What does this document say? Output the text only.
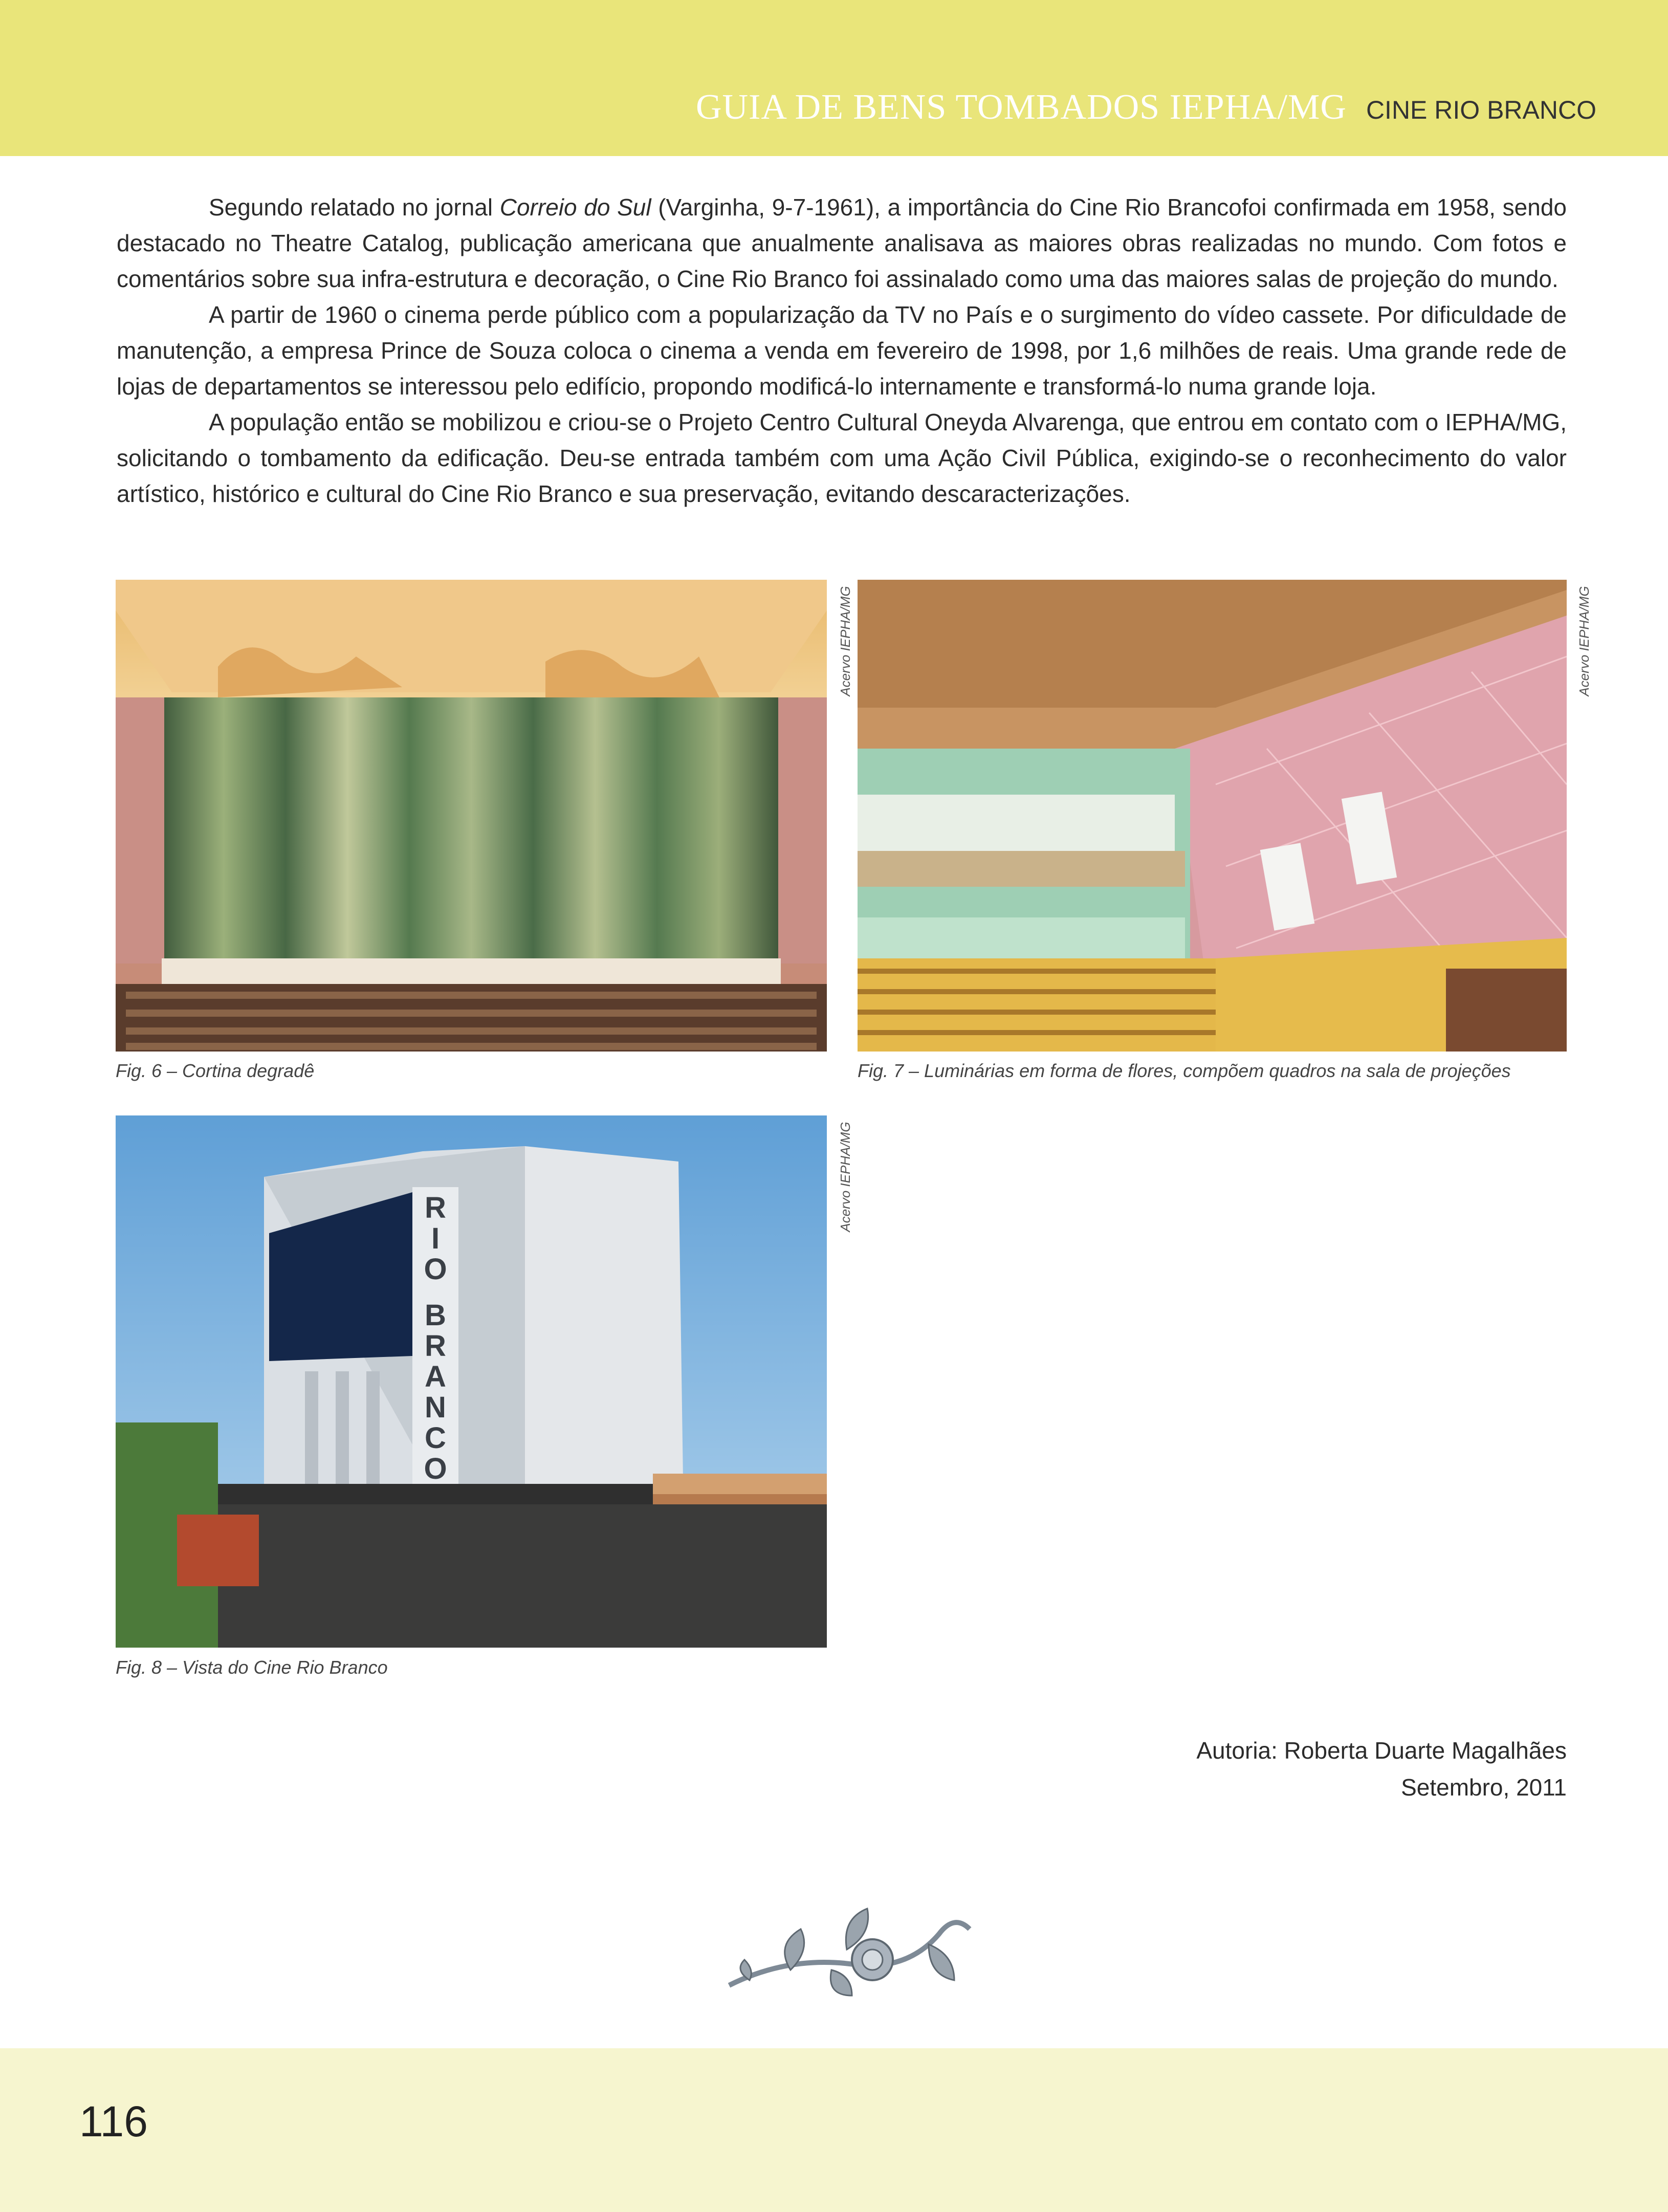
GUIA DE BENS TOMBADOS IEPHA/MG CINE RIO BRANCO

Segundo relatado no jornal Correio do Sul (Varginha, 9-7-1961), a importância do Cine Rio Brancofoi confirmada em 1958, sendo destacado no Theatre Catalog, publicação americana que anualmente analisava as maiores obras realizadas no mundo. Com fotos e comentários sobre sua infra-estrutura e decoração, o Cine Rio Branco foi assinalado como uma das maiores salas de projeção do mundo.

A partir de 1960 o cinema perde público com a popularização da TV no País e o surgimento do vídeo cassete. Por dificuldade de manutenção, a empresa Prince de Souza coloca o cinema a venda em fevereiro de 1998, por 1,6 milhões de reais. Uma grande rede de lojas de departamentos se interessou pelo edifício, propondo modificá-lo internamente e transformá-lo numa grande loja.

A população então se mobilizou e criou-se o Projeto Centro Cultural Oneyda Alvarenga, que entrou em contato com o IEPHA/MG, solicitando o tombamento da edificação. Deu-se entrada também com uma Ação Civil Pública, exigindo-se o reconhecimento do valor artístico, histórico e cultural do Cine Rio Branco e sua preservação, evitando descaracterizações.

Acervo IEPHA/MG
Fig. 6 – Cortina degradê
Acervo IEPHA/MG
Fig. 7 – Luminárias em forma de flores, compõem quadros na sala de projeções
R
I
O
B
R
A
N
C
O
Acervo IEPHA/MG
Fig. 8 – Vista do Cine Rio Branco
Autoria: Roberta Duarte Magalhães
Setembro, 2011
116
